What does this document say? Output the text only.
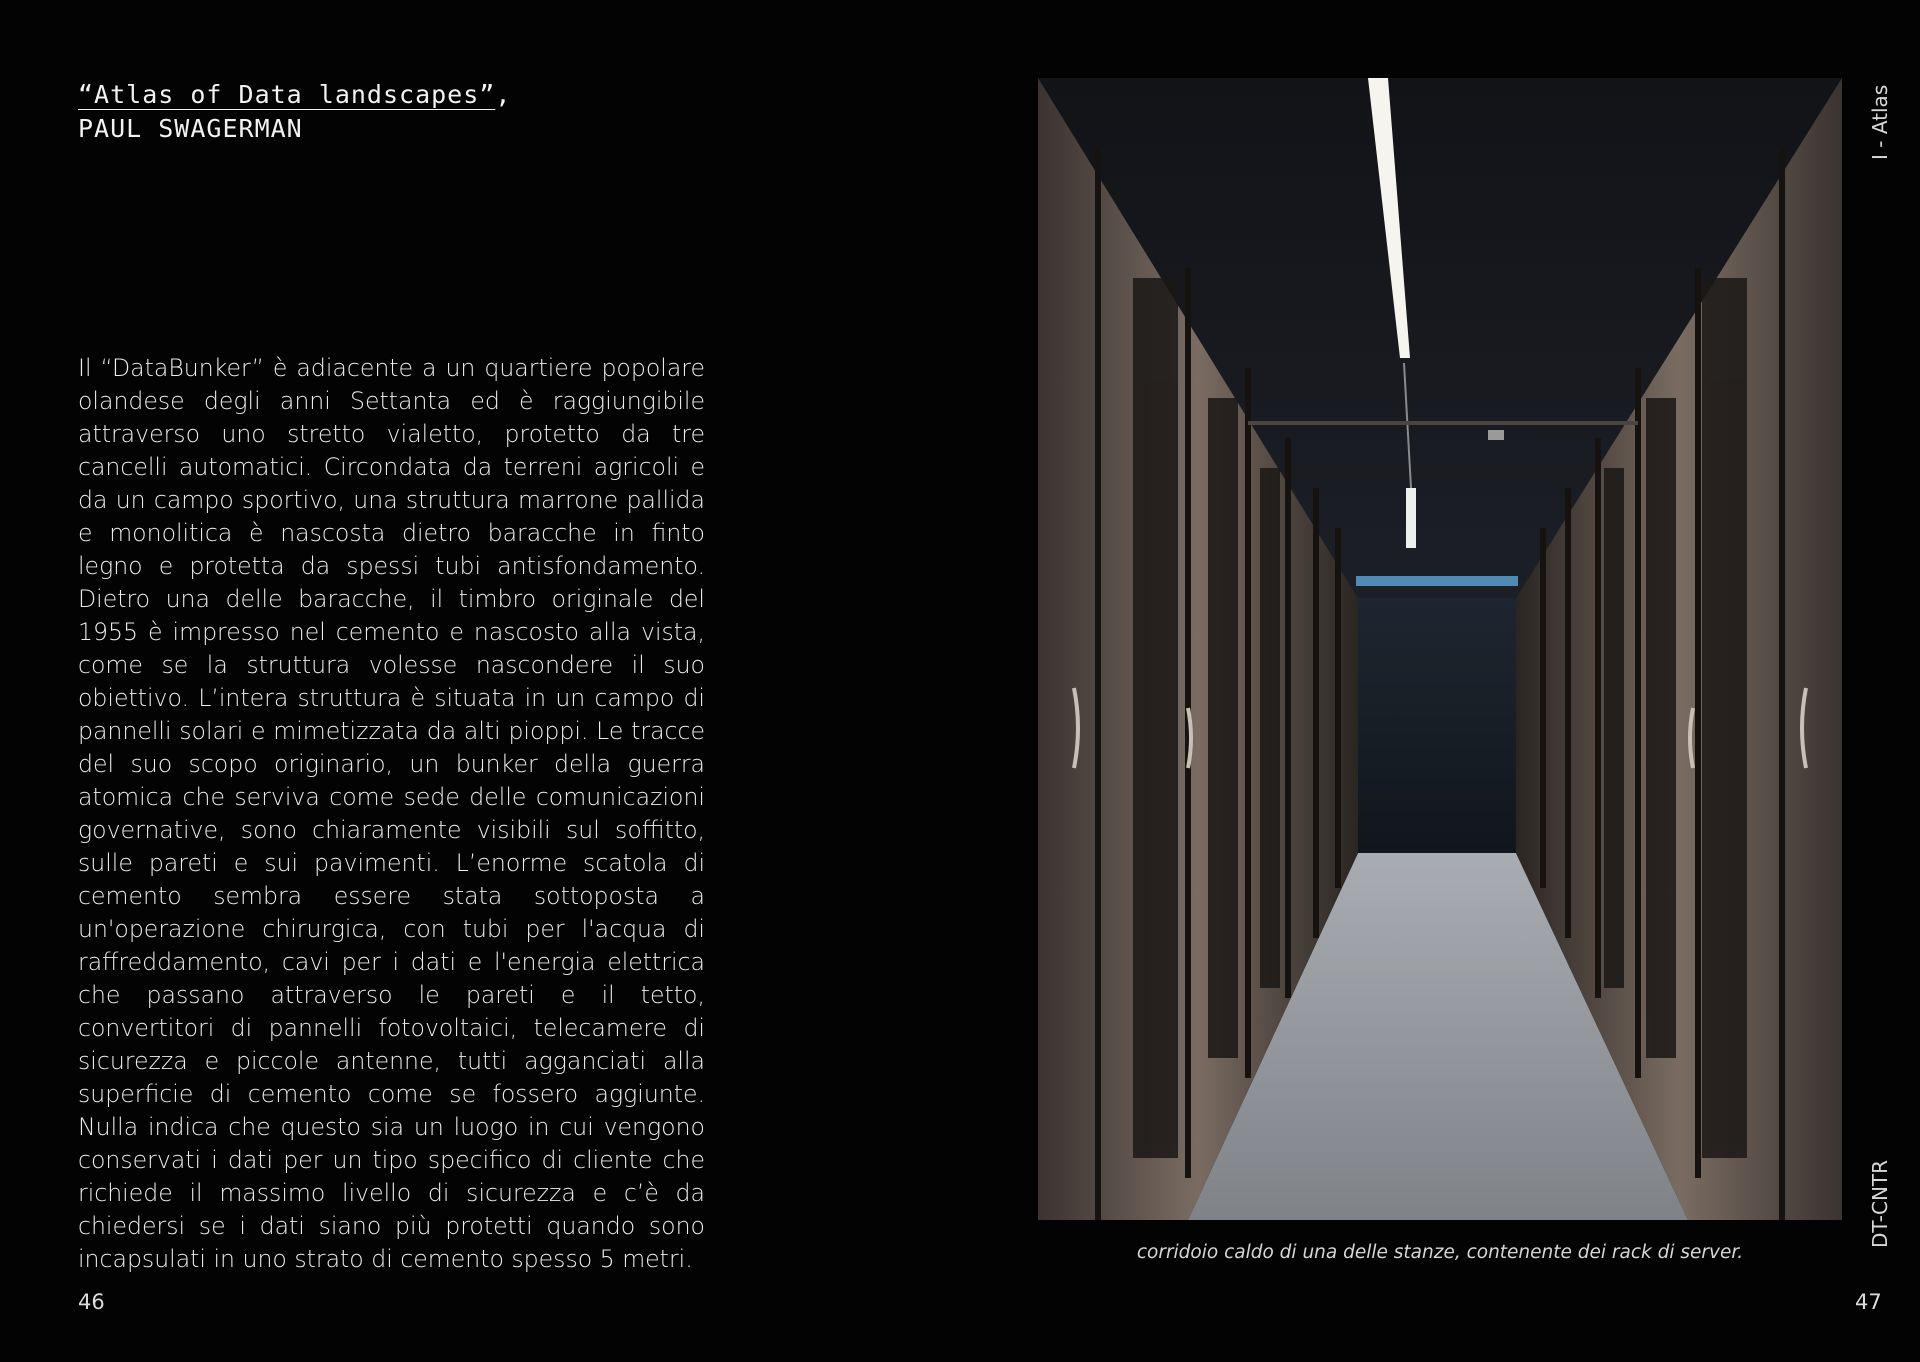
“Atlas of Data landscapes”,
PAUL SWAGERMAN
Il “DataBunker” è adiacente a un quartiere popolare olandese degli anni Settanta ed è raggiungibile attraverso uno stretto vialetto, protetto da tre cancelli automatici. Circondata da terreni agricoli e da un campo sportivo, una struttura marrone pallida e monolitica è nascosta dietro baracche in finto legno e protetta da spessi tubi antisfondamento. Dietro una delle baracche, il timbro originale del 1955 è impresso nel cemento e nascosto alla vista, come se la struttura volesse nascondere il suo obiettivo. L’intera struttura è situata in un campo di pannelli solari e mimetizzata da alti pioppi. Le tracce del suo scopo originario, un bunker della guerra atomica che serviva come sede delle comunicazioni governative, sono chiaramente visibili sul soffitto, sulle pareti e sui pavimenti. L’enorme scatola di cemento sembra essere stata sottoposta a un'operazione chirurgica, con tubi per l'acqua di raffreddamento, cavi per i dati e l'energia elettrica che passano attraverso le pareti e il tetto, convertitori di pannelli fotovoltaici, telecamere di sicurezza e piccole antenne, tutti agganciati alla superficie di cemento come se fossero aggiunte. Nulla indica che questo sia un luogo in cui vengono conservati i dati per un tipo specifico di cliente che richiede il massimo livello di sicurezza e c’è da chiedersi se i dati siano più protetti quando sono incapsulati in uno strato di cemento spesso 5 metri.
46
corridoio caldo di una delle stanze, contenente dei rack di server.
I - Atlas
DT-CNTR
47
